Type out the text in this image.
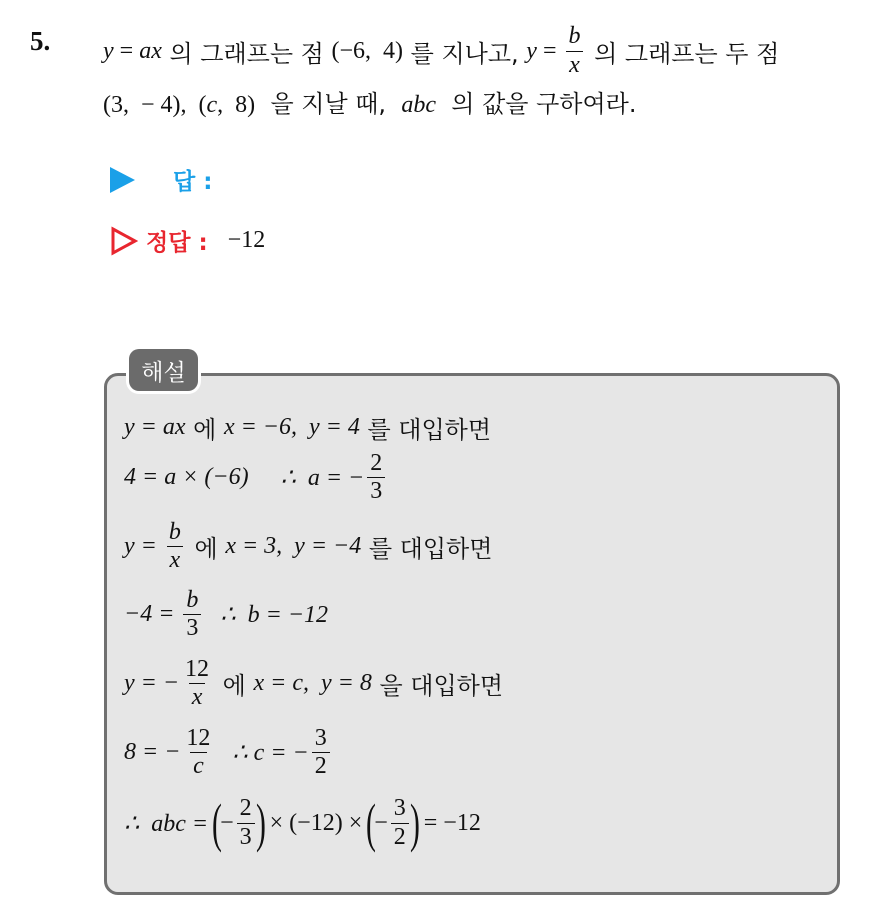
5. y = a x 의 그래프는 점 (−6,  4) 를 지나고, $y = \frac{b}{x}$ 의 그래프는 두 점
(3,  − 4),  (c,  8)  을 지날 때,  abc  의 값을 구하여라.
답 :
정답 : −12
해설
y = ax 에 x = −6,  y = 4 를 대입하면
4 = a × (−6) ∴  a = − $\frac{2}{3}$
$y = \frac{b}{x}$ 에 x = 3,  y = −4 를 대입하면
$-4 = \frac{b}{3}$ ∴  b = −12
y = − $\frac{12}{x}$ 에 x = c,  y = 8 을 대입하면
8 = − $\frac{12}{c}$ ∴ c = − $\frac{3}{2}$
∴  abc =
(
− $\frac{2}{3}$ )
× (−12) ×
(
− $\frac{3}{2}$ )
= −12
